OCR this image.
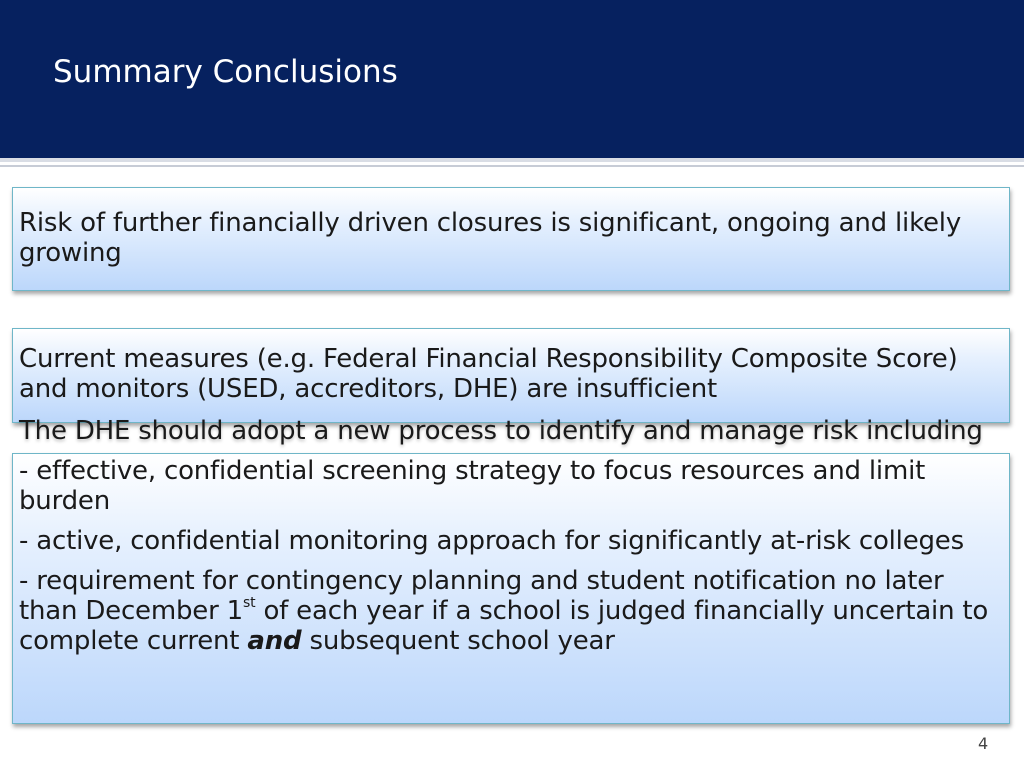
Summary Conclusions
Risk of further financially driven closures is significant, ongoing and likely growing
Current measures (e.g. Federal Financial Responsibility Composite Score) and monitors (USED, accreditors, DHE) are insufficient

The DHE should adopt a new process to identify and manage risk including

- effective, confidential screening strategy to focus resources and limit burden

- active, confidential monitoring approach for significantly at-risk colleges

- requirement for contingency planning and student notification no later than December 1st of each year if a school is judged financially uncertain to complete current and subsequent school year

4
